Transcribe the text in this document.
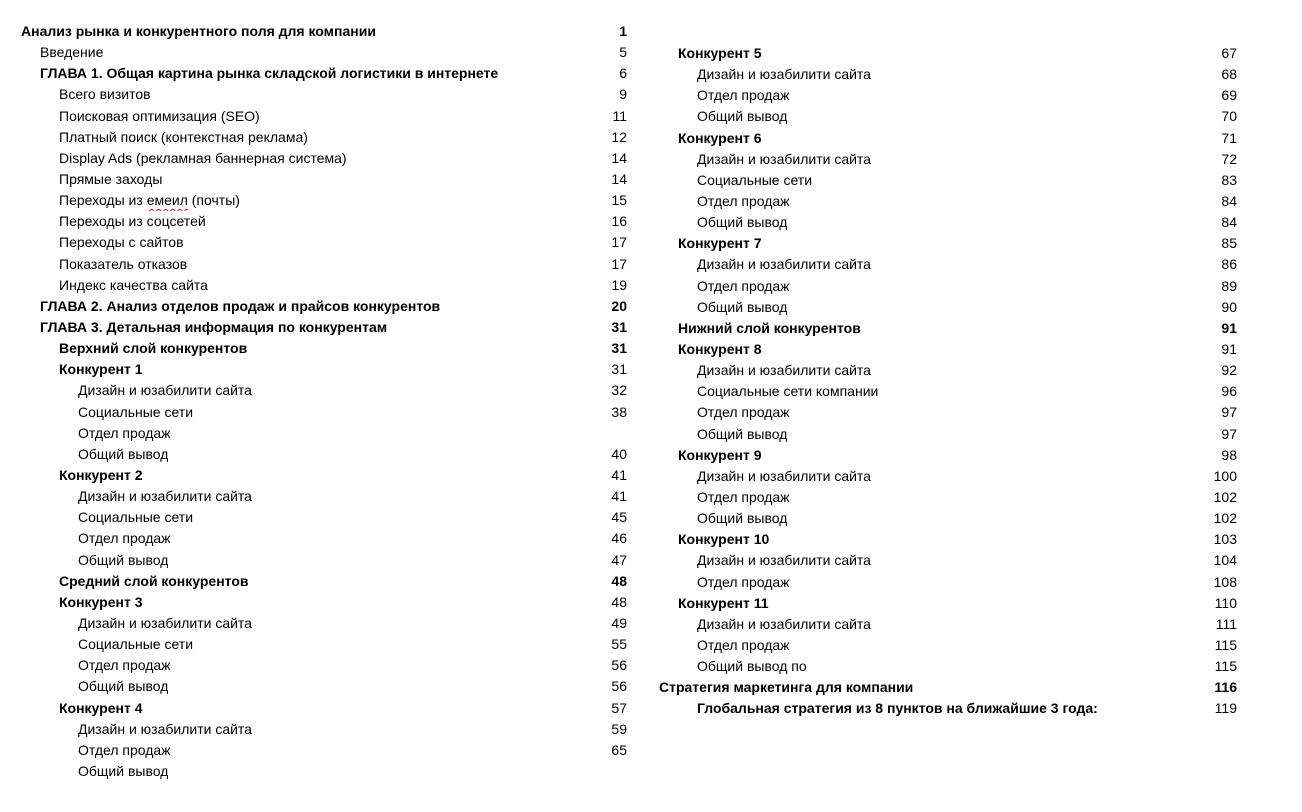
Анализ рынка и конкурентного поля для компании	1
Введение	5
ГЛАВА 1. Общая картина рынка складской логистики в интернете	6
Всего визитов	9
Поисковая оптимизация (SEO)	11
Платный поиск (контекстная реклама)	12
Display Ads (рекламная баннерная система)	14
Прямые заходы	14
Переходы из емеил (почты)	15
Переходы из соцсетей	16
Переходы с сайтов	17
Показатель отказов	17
Индекс качества сайта	19
ГЛАВА 2. Анализ отделов продаж и прайсов конкурентов	20
ГЛАВА 3. Детальная информация по конкурентам	31
Верхний слой конкурентов	31
Конкурент 1	31
Дизайн и юзабилити сайта	32
Социальные сети	38
Отдел продаж
Общий вывод	40
Конкурент 2	41
Дизайн и юзабилити сайта	41
Социальные сети	45
Отдел продаж	46
Общий вывод	47
Средний слой конкурентов	48
Конкурент 3	48
Дизайн и юзабилити сайта	49
Социальные сети	55
Отдел продаж	56
Общий вывод	56
Конкурент 4	57
Дизайн и юзабилити сайта	59
Отдел продаж	65
Общий вывод
Конкурент 5	67
Дизайн и юзабилити сайта	68
Отдел продаж	69
Общий вывод	70
Конкурент 6	71
Дизайн и юзабилити сайта	72
Социальные сети	83
Отдел продаж	84
Общий вывод	84
Конкурент 7	85
Дизайн и юзабилити сайта	86
Отдел продаж	89
Общий вывод	90
Нижний слой конкурентов	91
Конкурент 8	91
Дизайн и юзабилити сайта	92
Социальные сети компании	96
Отдел продаж	97
Общий вывод	97
Конкурент 9	98
Дизайн и юзабилити сайта	100
Отдел продаж	102
Общий вывод	102
Конкурент 10	103
Дизайн и юзабилити сайта	104
Отдел продаж	108
Конкурент 11	110
Дизайн и юзабилити сайта	111
Отдел продаж	115
Общий вывод по	115
Стратегия маркетинга для компании	116
Глобальная стратегия из 8 пунктов на ближайшие 3 года:	119
